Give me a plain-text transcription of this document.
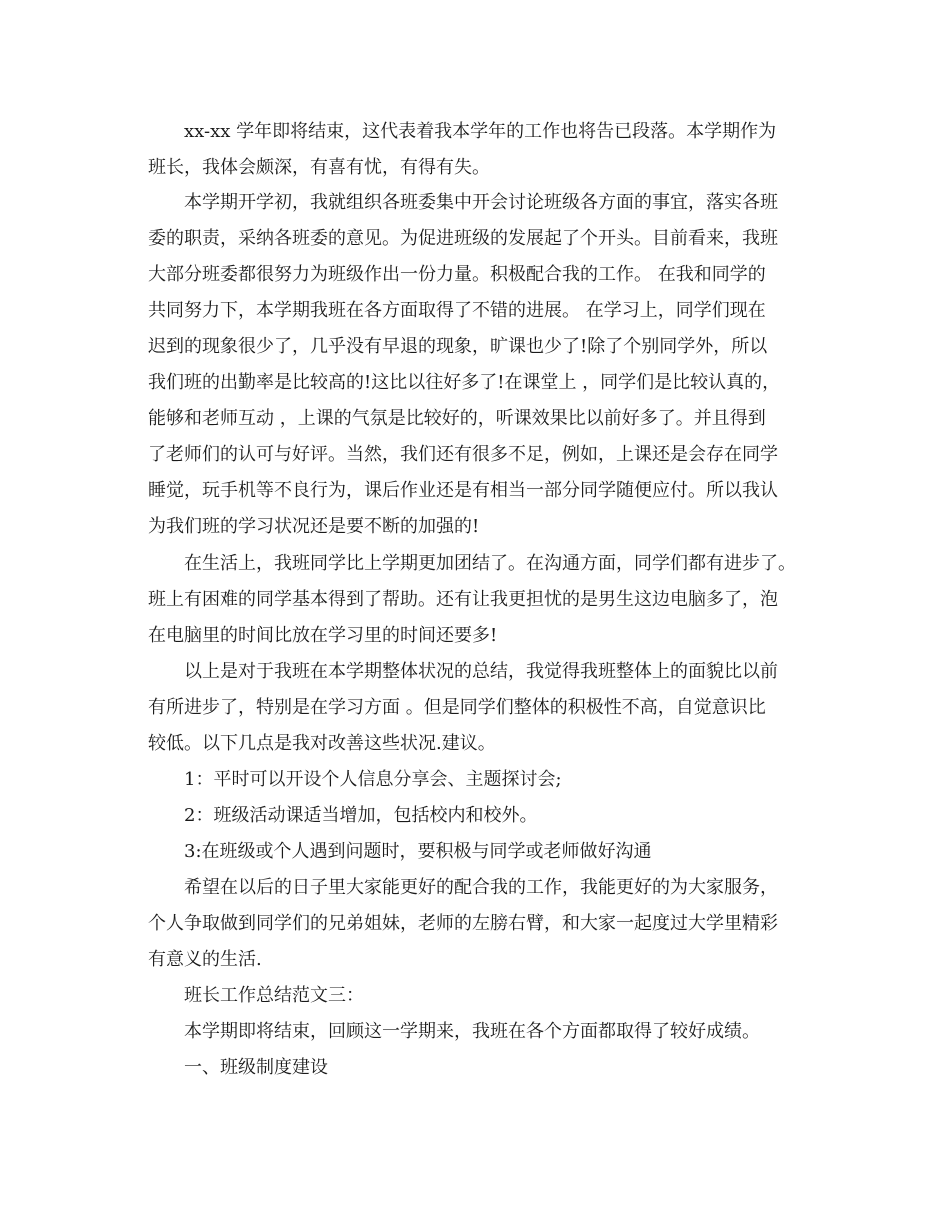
xx-xx 学年即将结束，这代表着我本学年的工作也将告已段落。本学期作为

班长，我体会颇深，有喜有忧，有得有失。

本学期开学初，我就组织各班委集中开会讨论班级各方面的事宜，落实各班

委的职责，采纳各班委的意见。为促进班级的发展起了个开头。目前看来，我班

大部分班委都很努力为班级作出一份力量。积极配合我的工作。 在我和同学的

共同努力下，本学期我班在各方面取得了不错的进展。 在学习上，同学们现在

迟到的现象很少了，几乎没有早退的现象，旷课也少了!除了个别同学外，所以

我们班的出勤率是比较高的!这比以往好多了!在课堂上 ，同学们是比较认真的，

能够和老师互动 ，上课的气氛是比较好的，听课效果比以前好多了。并且得到

了老师们的认可与好评。当然，我们还有很多不足，例如，上课还是会存在同学

睡觉，玩手机等不良行为，课后作业还是有相当一部分同学随便应付。所以我认

为我们班的学习状况还是要不断的加强的!

在生活上，我班同学比上学期更加团结了。在沟通方面，同学们都有进步了。

班上有困难的同学基本得到了帮助。还有让我更担忧的是男生这边电脑多了，泡

在电脑里的时间比放在学习里的时间还要多!

以上是对于我班在本学期整体状况的总结，我觉得我班整体上的面貌比以前

有所进步了，特别是在学习方面 。但是同学们整体的积极性不高，自觉意识比

较低。以下几点是我对改善这些状况.建议。

1：平时可以开设个人信息分享会、主题探讨会;

2：班级活动课适当增加，包括校内和校外。

3:在班级或个人遇到问题时，要积极与同学或老师做好沟通

希望在以后的日子里大家能更好的配合我的工作，我能更好的为大家服务，

个人争取做到同学们的兄弟姐妹，老师的左膀右臂，和大家一起度过大学里精彩

有意义的生活.

班长工作总结范文三：

本学期即将结束，回顾这一学期来，我班在各个方面都取得了较好成绩。

一、班级制度建设
